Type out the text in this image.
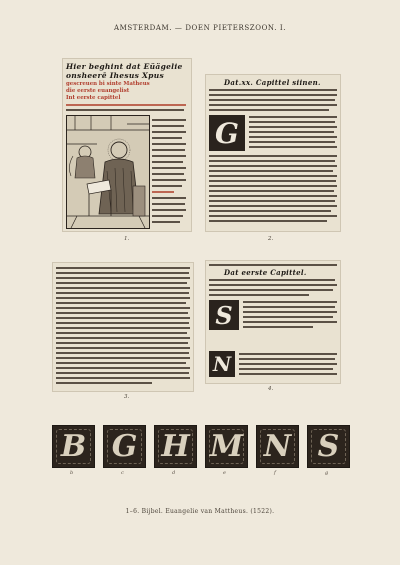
AMSTERDAM. — DOEN PIETERSZOON. I.
Hier beghint dat Eüägelie
onsheerē Ihesus Xpus
gescreuen bi sinte Matheus
die eerste euangelist
Int eerste capittel
1.
Dat.xx. Capittel siinen.
G
2.
3.
Dat eerste Capittel.
S
N
4.
B G H M N S
b	c	d	e	f	g
1–6. Bijbel. Euangelie van Mattheus. (1522).
